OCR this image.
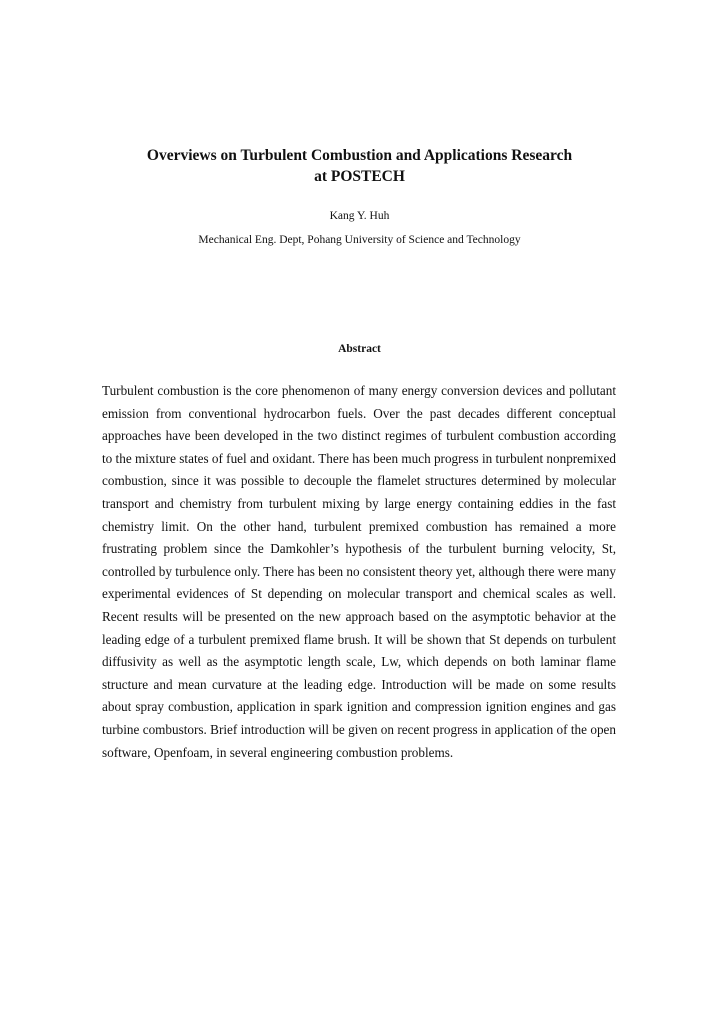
Overviews on Turbulent Combustion and Applications Research
at POSTECH

Kang Y. Huh

Mechanical Eng. Dept, Pohang University of Science and Technology

Abstract

Turbulent combustion is the core phenomenon of many energy conversion devices and pollutant emission from conventional hydrocarbon fuels. Over the past decades different conceptual approaches have been developed in the two distinct regimes of turbulent combustion according to the mixture states of fuel and oxidant. There has been much progress in turbulent nonpremixed combustion, since it was possible to decouple the flamelet structures determined by molecular transport and chemistry from turbulent mixing by large energy containing eddies in the fast chemistry limit. On the other hand, turbulent premixed combustion has remained a more frustrating problem since the Damkohler’s hypothesis of the turbulent burning velocity, St, controlled by turbulence only. There has been no consistent theory yet, although there were many experimental evidences of St depending on molecular transport and chemical scales as well. Recent results will be presented on the new approach based on the asymptotic behavior at the leading edge of a turbulent premixed flame brush. It will be shown that St depends on turbulent diffusivity as well as the asymptotic length scale, Lw, which depends on both laminar flame structure and mean curvature at the leading edge. Introduction will be made on some results about spray combustion, application in spark ignition and compression ignition engines and gas turbine combustors. Brief introduction will be given on recent progress in application of the open software, Openfoam, in several engineering combustion problems.
